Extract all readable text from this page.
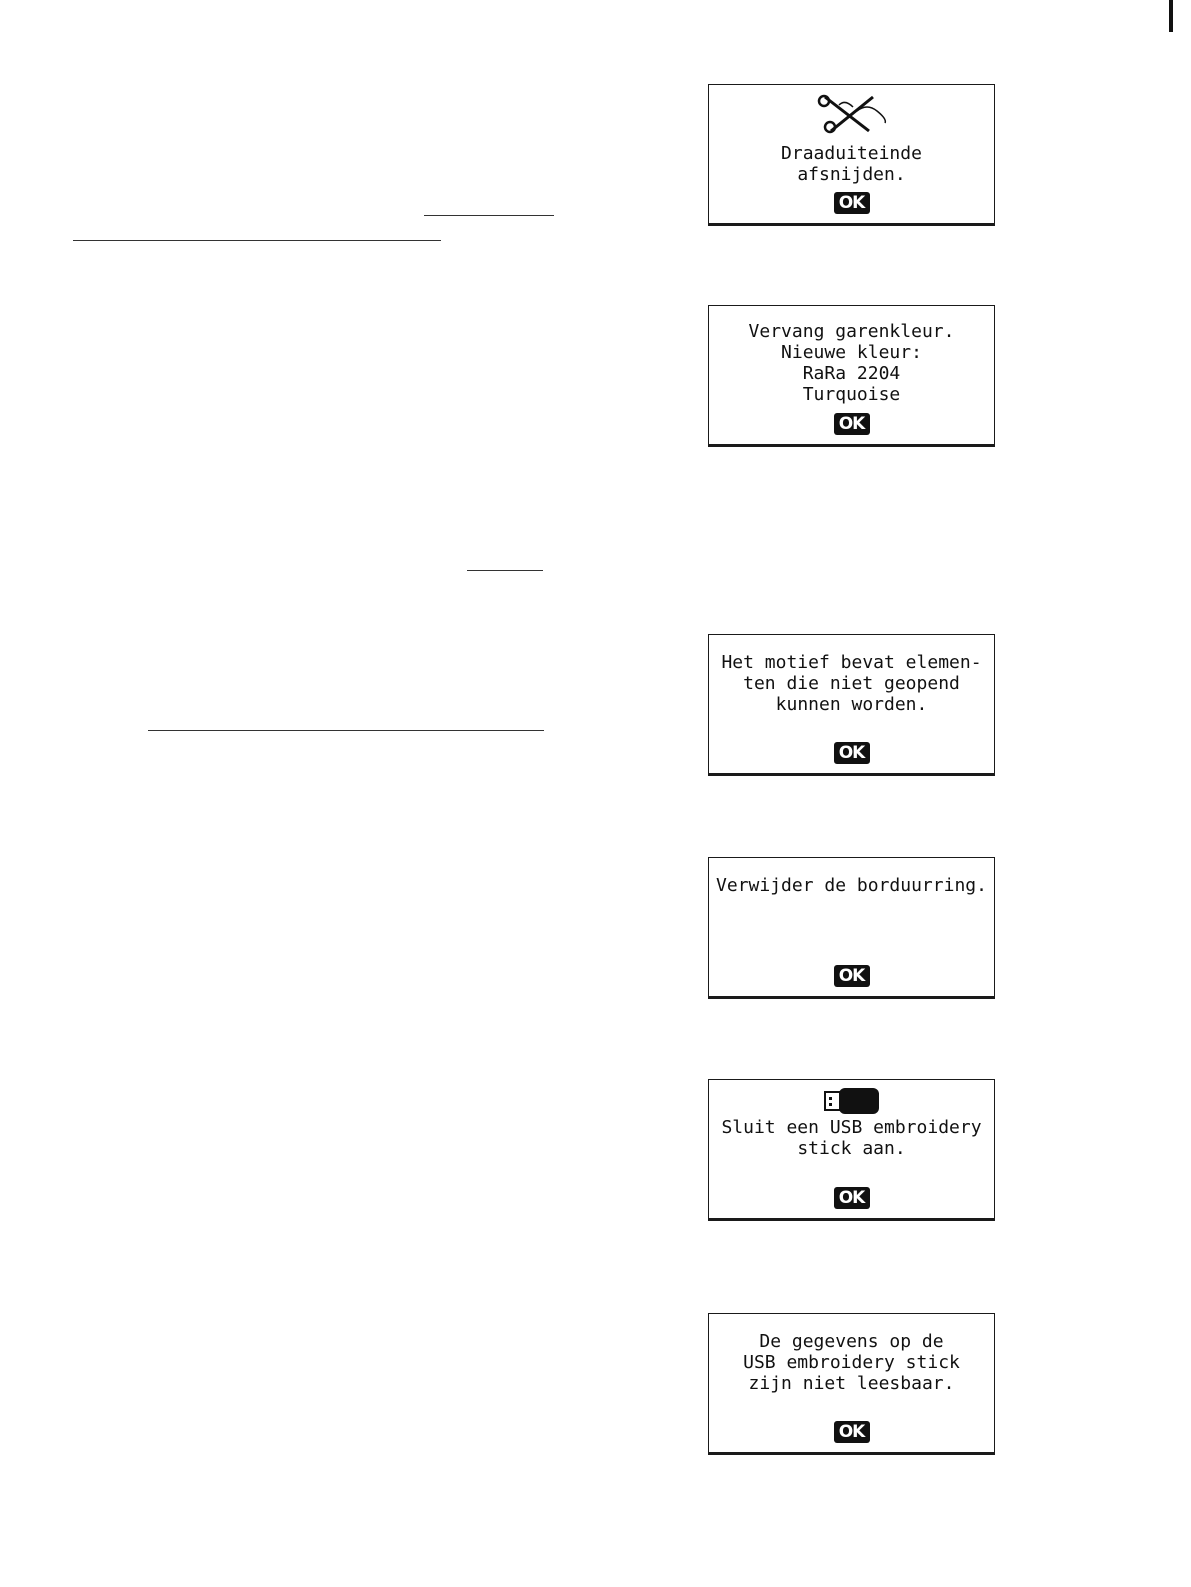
Draaduiteinde
afsnijden.
OK
Vervang garenkleur.
Nieuwe kleur:
RaRa 2204
Turquoise
OK
Het motief bevat elemen-
ten die niet geopend
kunnen worden.
OK
Verwijder de borduurring.
OK
Sluit een USB embroidery
stick aan.
OK
De gegevens op de
USB embroidery stick
zijn niet leesbaar.
OK
